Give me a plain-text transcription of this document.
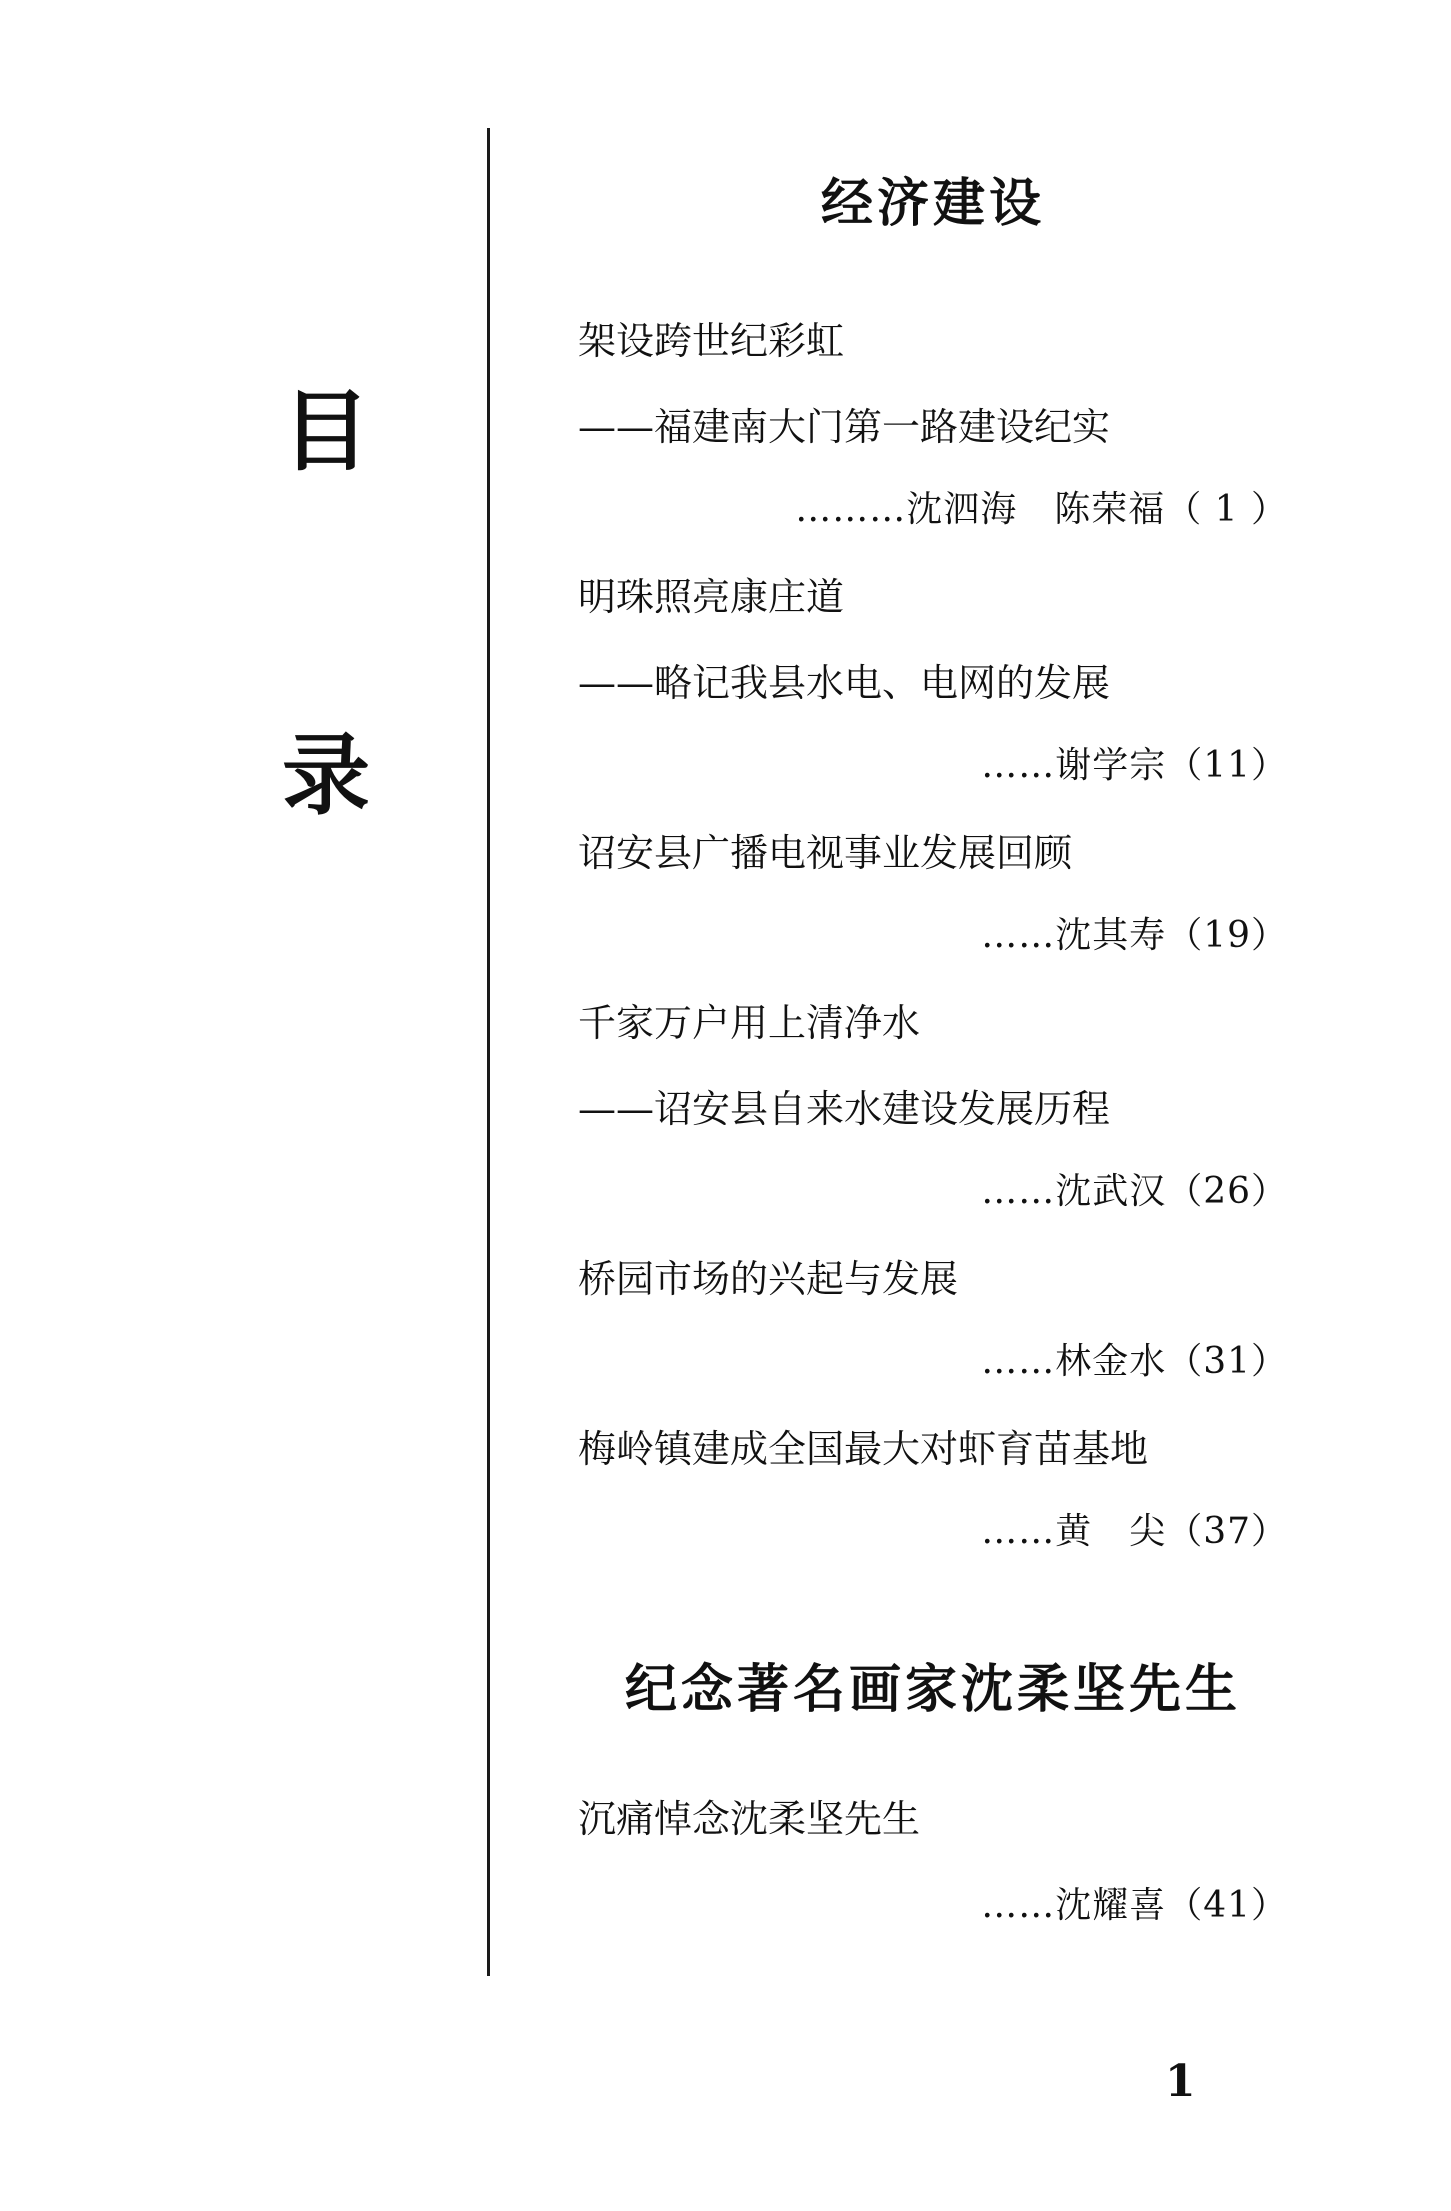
目
录
经济建设
架设跨世纪彩虹
——福建南大门第一路建设纪实
………沈泗海　陈荣福（ 1 ）
明珠照亮康庄道
——略记我县水电、电网的发展
……谢学宗（11）
诏安县广播电视事业发展回顾
……沈其寿（19）
千家万户用上清净水
——诏安县自来水建设发展历程
……沈武汉（26）
桥园市场的兴起与发展
……林金水（31）
梅岭镇建成全国最大对虾育苗基地
……黄　尖（37）
纪念著名画家沈柔坚先生
沉痛悼念沈柔坚先生
……沈耀喜（41）
1
